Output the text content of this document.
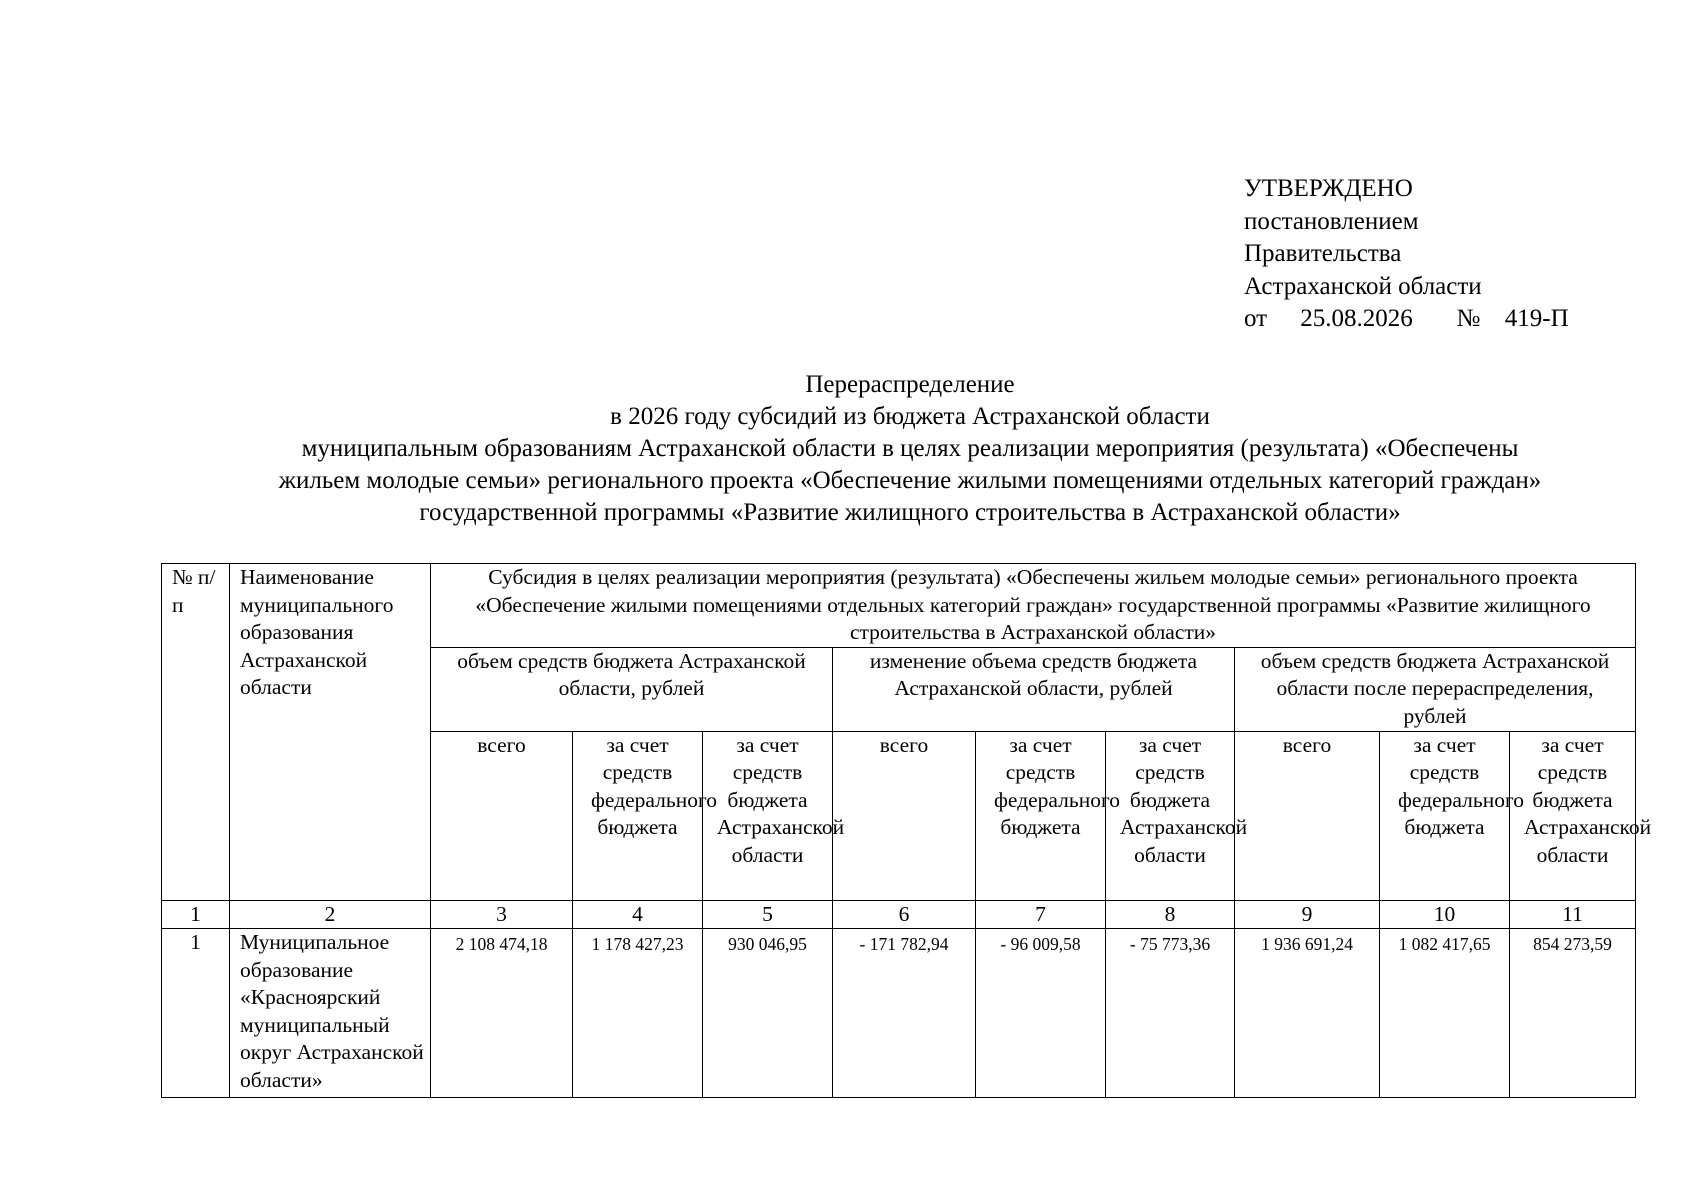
УТВЕРЖДЕНО
постановлением
Правительства
Астраханской области
от 25.08.2026 № 419-П
Перераспределение
в 2026 году субсидий из бюджета Астраханской области
муниципальным образованиям Астраханской области в целях реализации мероприятия (результата) «Обеспечены
жильем молодые семьи» регионального проекта «Обеспечение жилыми помещениями отдельных категорий граждан»
государственной программы «Развитие жилищного строительства в Астраханской области»
№ п/п	Наименование муниципального образования Астраханской области	Субсидия в целях реализации мероприятия (результата) «Обеспечены жильем молодые семьи» регионального проекта «Обеспечение жилыми помещениями отдельных категорий граждан» государственной программы «Развитие жилищного строительства в Астраханской области»								
		объем средств бюджета Астраханской области, рублей			изменение объема средств бюджета Астраханской области, рублей			объем средств бюджета Астраханской области после перераспределения, рублей		
		всего	за счет средств федерального бюджета	за счет средств бюджета Астраханской области	всего	за счет средств федерального бюджета	за счет средств бюджета Астраханской области	всего	за счет средств федерального бюджета	за счет средств бюджета Астраханской области
1	2	3	4	5	6	7	8	9	10	11
1	Муниципальное образование «Красноярский муниципальный округ Астраханской области»	2 108 474,18	1 178 427,23	930 046,95	- 171 782,94	- 96 009,58	- 75 773,36	1 936 691,24	1 082 417,65	854 273,59
